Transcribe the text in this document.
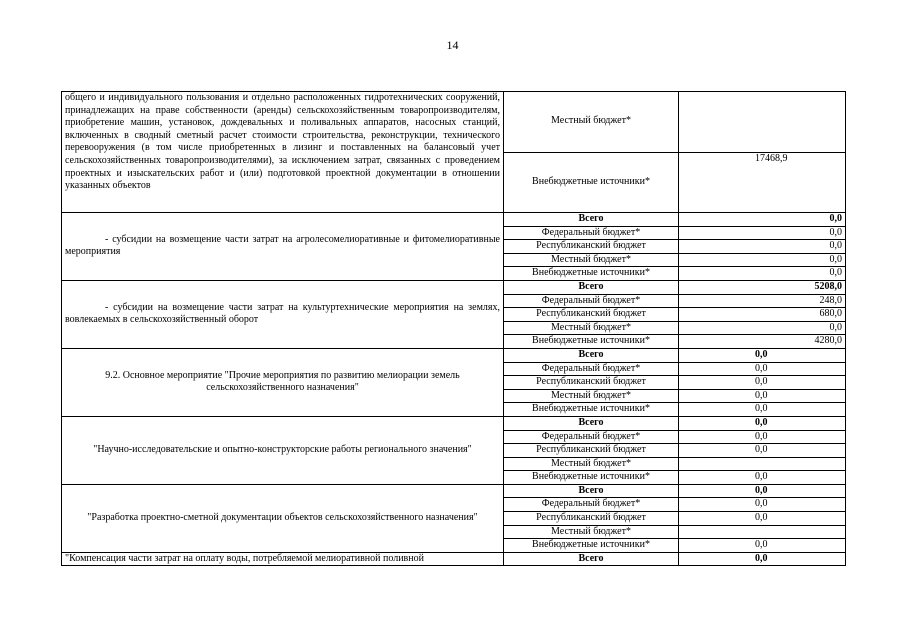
14
общего и индивидуального пользования и отдельно расположенных гидротехнических сооружений, принадлежащих на праве собственности (аренды) сельскохозяйственным товаропроизводителям, приобретение машин, установок, дождевальных и поливальных аппаратов, насосных станций, включенных в сводный сметный расчет стоимости строительства, реконструкции, технического перевооружения (в том числе приобретенных в лизинг и поставленных на балансовый учет сельскохозяйственных товаропроизводителями), за исключением затрат, связанных с проведением проектных и изыскательских работ и (или) подготовкой проектной документации в отношении указанных объектов	Местный бюджет*	
	Внебюджетные источники*	17468,9
- субсидии на возмещение части затрат на агролесомелиоративные и фитомелиоративные мероприятия	Всего	0,0
	Федеральный бюджет*	0,0
	Республиканский бюджет	0,0
	Местный бюджет*	0,0
	Внебюджетные источники*	0,0
- субсидии на возмещение части затрат на культуртехнические мероприятия на землях, вовлекаемых в сельскохозяйственный оборот	Всего	5208,0
	Федеральный бюджет*	248,0
	Республиканский бюджет	680,0
	Местный бюджет*	0,0
	Внебюджетные источники*	4280,0
9.2. Основное мероприятие "Прочие мероприятия по развитию мелиорации земель сельскохозяйственного назначения"	Всего	0,0
	Федеральный бюджет*	0,0
	Республиканский бюджет	0,0
	Местный бюджет*	0,0
	Внебюджетные источники*	0,0
"Научно-исследовательские и опытно-конструкторские работы регионального значения"	Всего	0,0
	Федеральный бюджет*	0,0
	Республиканский бюджет	0,0
	Местный бюджет*	
	Внебюджетные источники*	0,0
"Разработка проектно-сметной документации объектов сельскохозяйственного назначения"	Всего	0,0
	Федеральный бюджет*	0,0
	Республиканский бюджет	0,0
	Местный бюджет*	
	Внебюджетные источники*	0,0
"Компенсация части затрат на оплату воды, потребляемой мелиоративной поливной	Всего	0,0
